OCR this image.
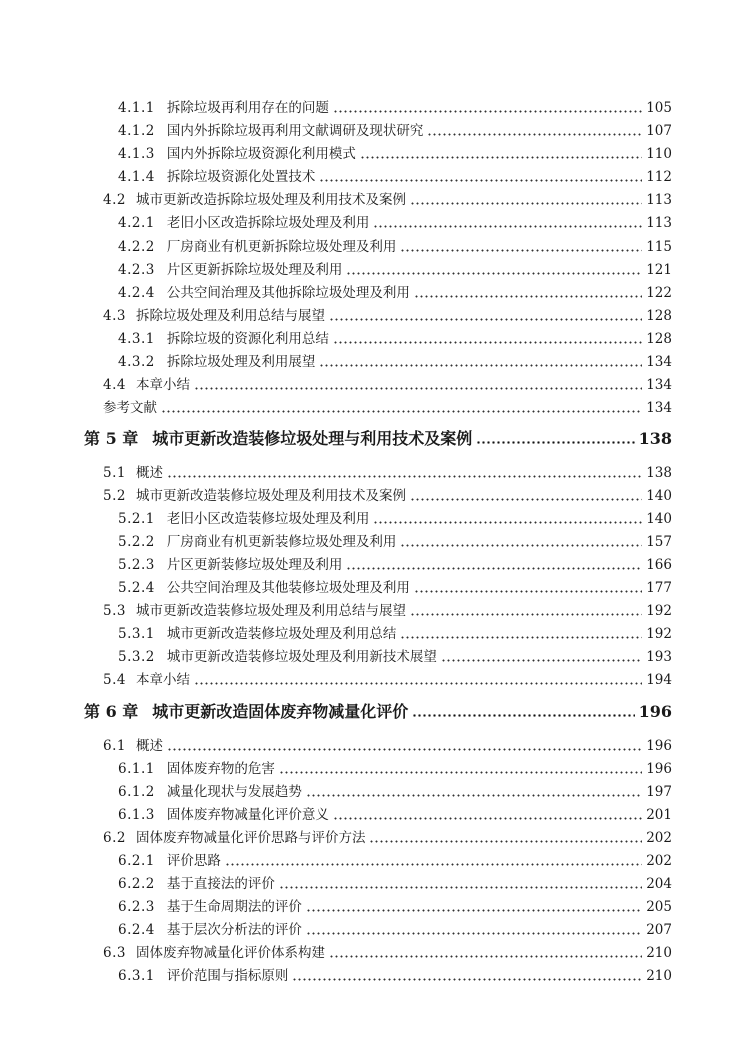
4.1.1 拆除垃圾再利用存在的问题	105
4.1.2 国内外拆除垃圾再利用文献调研及现状研究	107
4.1.3 国内外拆除垃圾资源化利用模式	110
4.1.4 拆除垃圾资源化处置技术	112
4.2 城市更新改造拆除垃圾处理及利用技术及案例	113
4.2.1 老旧小区改造拆除垃圾处理及利用	113
4.2.2 厂房商业有机更新拆除垃圾处理及利用	115
4.2.3 片区更新拆除垃圾处理及利用	121
4.2.4 公共空间治理及其他拆除垃圾处理及利用	122
4.3 拆除垃圾处理及利用总结与展望	128
4.3.1 拆除垃圾的资源化利用总结	128
4.3.2 拆除垃圾处理及利用展望	134
4.4 本章小结	134
参考文献	134
第 5 章 城市更新改造装修垃圾处理与利用技术及案例	138
5.1 概述	138
5.2 城市更新改造装修垃圾处理及利用技术及案例	140
5.2.1 老旧小区改造装修垃圾处理及利用	140
5.2.2 厂房商业有机更新装修垃圾处理及利用	157
5.2.3 片区更新装修垃圾处理及利用	166
5.2.4 公共空间治理及其他装修垃圾处理及利用	177
5.3 城市更新改造装修垃圾处理及利用总结与展望	192
5.3.1 城市更新改造装修垃圾处理及利用总结	192
5.3.2 城市更新改造装修垃圾处理及利用新技术展望	193
5.4 本章小结	194
第 6 章 城市更新改造固体废弃物减量化评价	196
6.1 概述	196
6.1.1 固体废弃物的危害	196
6.1.2 减量化现状与发展趋势	197
6.1.3 固体废弃物减量化评价意义	201
6.2 固体废弃物减量化评价思路与评价方法	202
6.2.1 评价思路	202
6.2.2 基于直接法的评价	204
6.2.3 基于生命周期法的评价	205
6.2.4 基于层次分析法的评价	207
6.3 固体废弃物减量化评价体系构建	210
6.3.1 评价范围与指标原则	210
